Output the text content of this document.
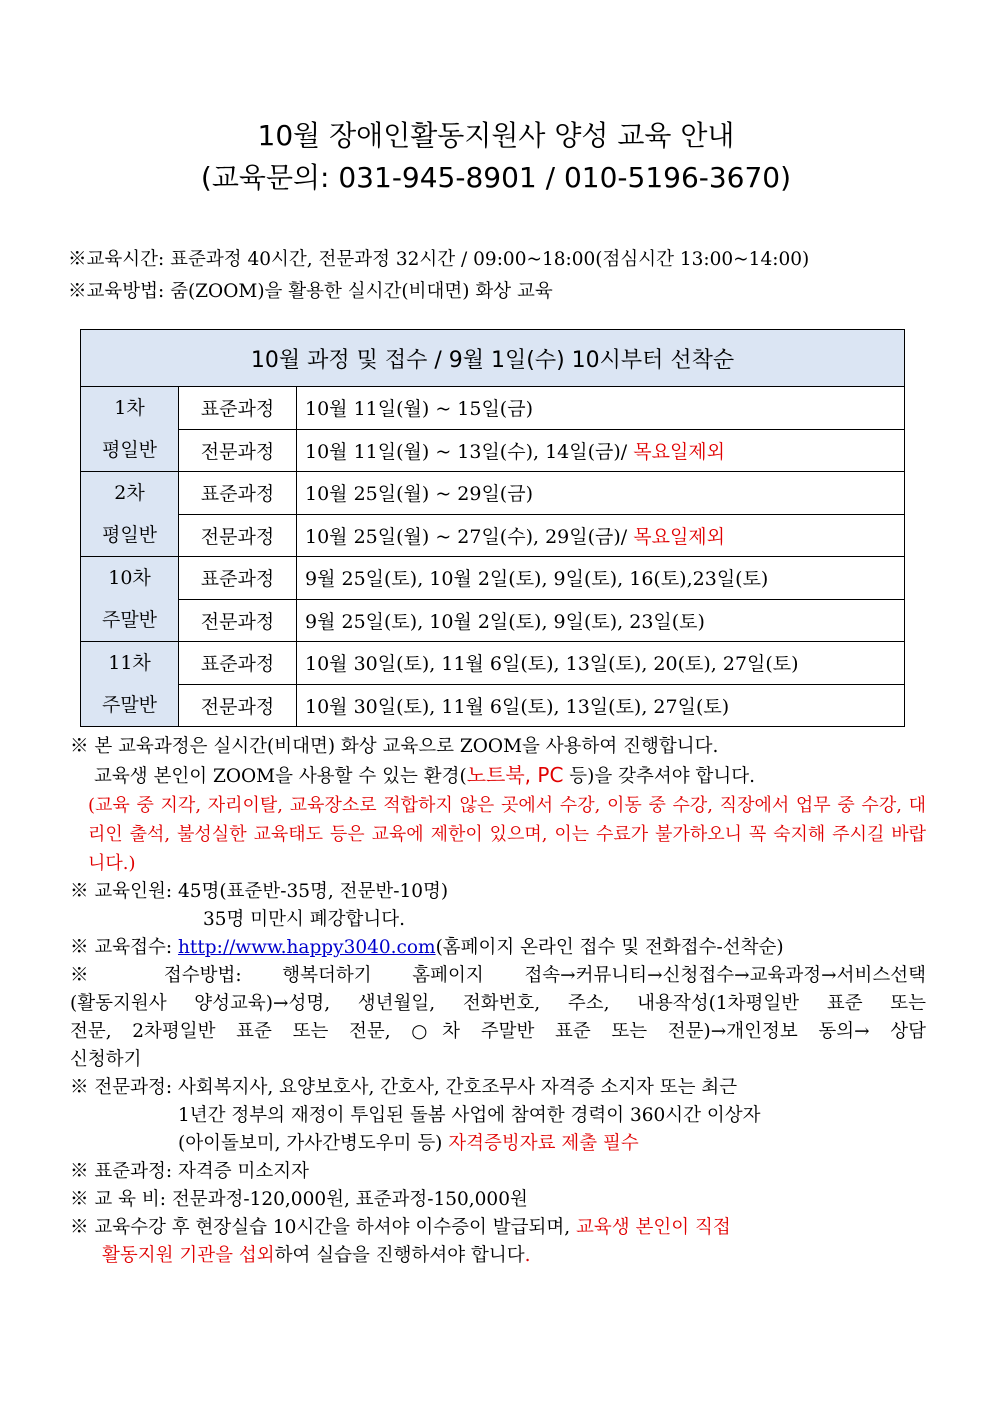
10월 장애인활동지원사 양성 교육 안내
(교육문의: 031-945-8901 / 010-5196-3670)
※교육시간: 표준과정 40시간, 전문과정 32시간 / 09:00~18:00(점심시간 13:00~14:00)
※교육방법: 줌(ZOOM)을 활용한 실시간(비대면) 화상 교육
10월 과정 및 접수 / 9월 1일(수) 10시부터 선착순		

1차
평일반	표준과정	10월 11일(월) ~ 15일(금)
	전문과정	10월 11일(월) ~ 13일(수), 14일(금)/ 목요일제외

2차
평일반	표준과정	10월 25일(월) ~ 29일(금)
	전문과정	10월 25일(월) ~ 27일(수), 29일(금)/ 목요일제외

10차
주말반	표준과정	9월 25일(토), 10월 2일(토), 9일(토), 16(토),23일(토)
	전문과정	9월 25일(토), 10월 2일(토), 9일(토), 23일(토)

11차
주말반	표준과정	10월 30일(토), 11월 6일(토), 13일(토), 20(토), 27일(토)
	전문과정	10월 30일(토), 11월 6일(토), 13일(토), 27일(토)

※ 본 교육과정은 실시간(비대면) 화상 교육으로 ZOOM을 사용하여 진행합니다.

교육생 본인이 ZOOM을 사용할 수 있는 환경(노트북, PC 등)을 갖추셔야 합니다.

(교육 중 지각, 자리이탈, 교육장소로 적합하지 않은 곳에서 수강, 이동 중 수강, 직장에서 업무 중 수강, 대리인 출석, 불성실한 교육태도 등은 교육에 제한이 있으며, 이는 수료가 불가하오니 꼭 숙지해 주시길 바랍니다.)

※ 교육인원: 45명(표준반-35명, 전문반-10명)

35명 미만시 폐강합니다.

※ 교육접수: http://www.happy3040.com(홈페이지 온라인 접수 및 전화접수-선착순)

※ 접수방법: 행복더하기 홈페이지 접속→커뮤니티→신청접수→교육과정→서비스선택

(활동지원사 양성교육)→성명, 생년월일, 전화번호, 주소, 내용작성(1차평일반 표준 또는

전문, 2차평일반 표준 또는 전문, ○차 주말반 표준 또는 전문)→개인정보 동의→ 상담

신청하기

※ 전문과정: 사회복지사, 요양보호사, 간호사, 간호조무사 자격증 소지자 또는 최근

1년간 정부의 재정이 투입된 돌봄 사업에 참여한 경력이 360시간 이상자

(아이돌보미, 가사간병도우미 등) 자격증빙자료 제출 필수

※ 표준과정: 자격증 미소지자

※ 교 육 비: 전문과정-120,000원, 표준과정-150,000원

※ 교육수강 후 현장실습 10시간을 하셔야 이수증이 발급되며, 교육생 본인이 직접

활동지원 기관을 섭외하여 실습을 진행하셔야 합니다.
